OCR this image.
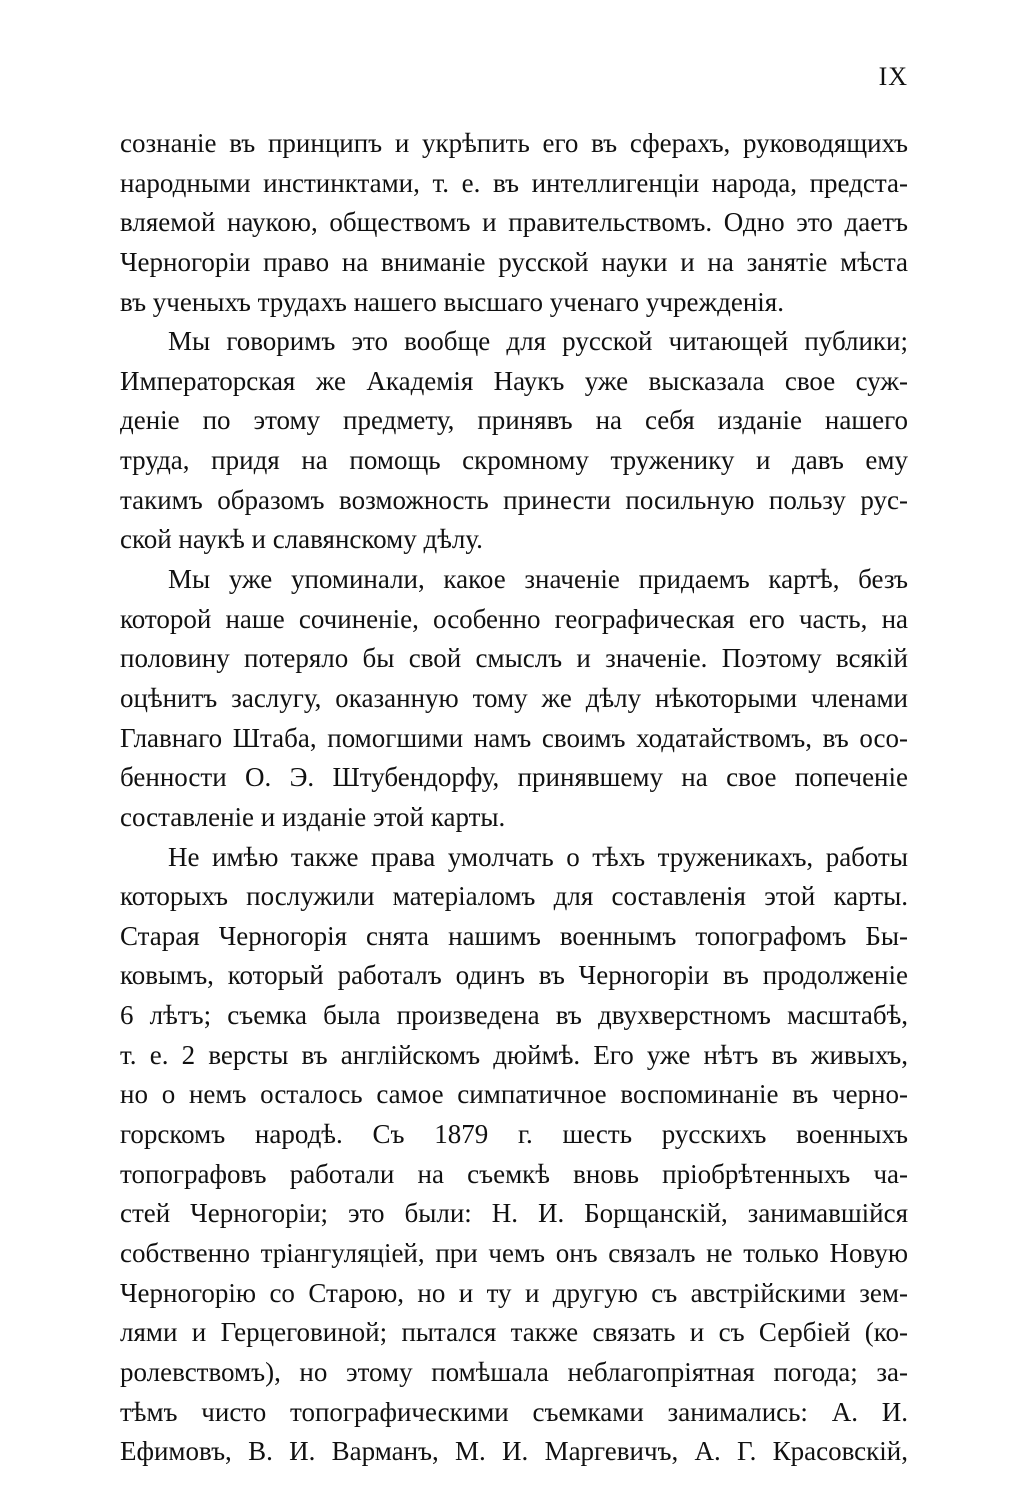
IX
сознаніе въ принципъ и укрѣпить его въ сферахъ, руководящихъ
народными инстинктами, т. е. въ интеллигенціи народа, предста-
вляемой наукою, обществомъ и правительствомъ. Одно это даетъ
Черногоріи право на вниманіе русской науки и на занятіе мѣста
въ ученыхъ трудахъ нашего высшаго ученаго учрежденія.
Мы говоримъ это вообще для русской читающей публики;
Императорская же Академія Наукъ уже высказала свое суж-
деніе по этому предмету, принявъ на себя изданіе нашего
труда, придя на помощь скромному труженику и давъ ему
такимъ образомъ возможность принести посильную пользу рус-
ской наукѣ и славянскому дѣлу.
Мы уже упоминали, какое значеніе придаемъ картѣ, безъ
которой наше сочиненіе, особенно географическая его часть, на
половину потеряло бы свой смыслъ и значеніе. Поэтому всякій
оцѣнитъ заслугу, оказанную тому же дѣлу нѣкоторыми членами
Главнаго Штаба, помогшими намъ своимъ ходатайствомъ, въ осо-
бенности О. Э. Штубендорфу, принявшему на свое попеченіе
составленіе и изданіе этой карты.
Не имѣю также права умолчать о тѣхъ труженикахъ, работы
которыхъ послужили матеріаломъ для составленія этой карты.
Старая Черногорія снята нашимъ военнымъ топографомъ Бы-
ковымъ, который работалъ одинъ въ Черногоріи въ продолженіе
6 лѣтъ; съемка была произведена въ двухверстномъ масштабѣ,
т. е. 2 версты въ англійскомъ дюймѣ. Его уже нѣтъ въ живыхъ,
но о немъ осталось самое симпатичное воспоминаніе въ черно-
горскомъ народѣ. Съ 1879 г. шесть русскихъ военныхъ
топографовъ работали на съемкѣ вновь пріобрѣтенныхъ ча-
стей Черногоріи; это были: Н. И. Борщанскій, занимавшійся
собственно тріангуляціей, при чемъ онъ связалъ не только Новую
Черногорію со Старою, но и ту и другую съ австрійскими зем-
лями и Герцеговиной; пытался также связать и съ Сербіей (ко-
ролевствомъ), но этому помѣшала неблагопріятная погода; за-
тѣмъ чисто топографическими съемками занимались: А. И.
Ефимовъ, В. И. Варманъ, М. И. Маргевичъ, А. Г. Красовскій,
